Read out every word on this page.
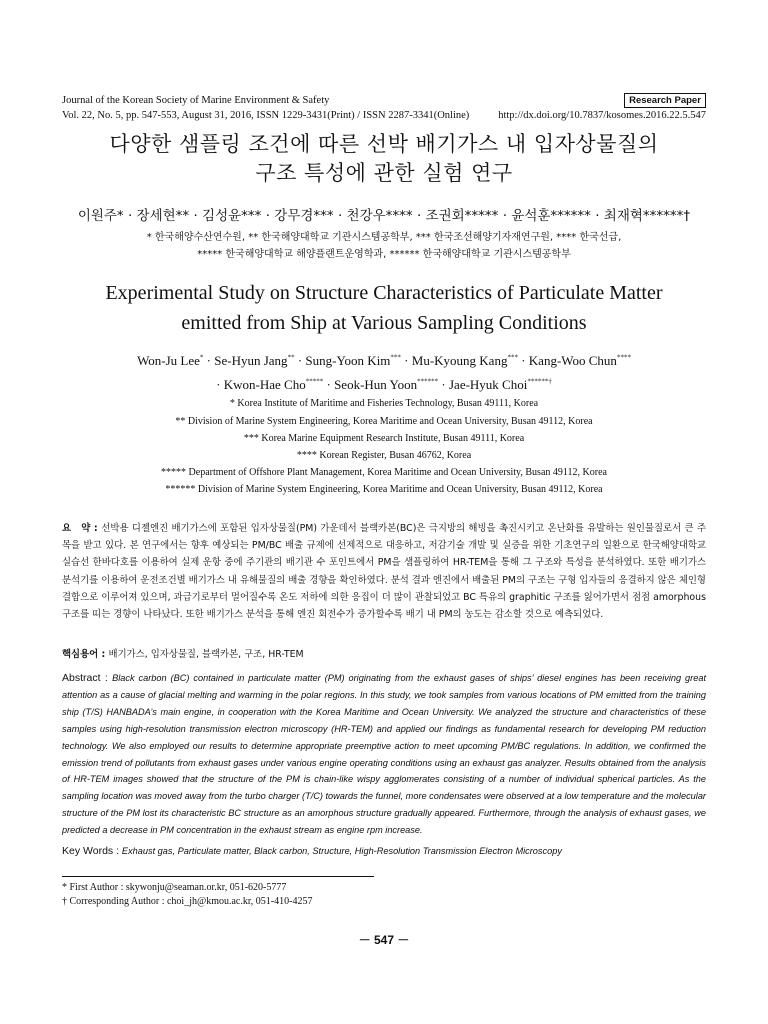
Journal of the Korean Society of Marine Environment & Safety	Research Paper
Vol. 22, No. 5, pp. 547-553, August 31, 2016, ISSN 1229-3431(Print) / ISSN 2287-3341(Online)	http://dx.doi.org/10.7837/kosomes.2016.22.5.547
다양한 샘플링 조건에 따른 선박 배기가스 내 입자상물질의
구조 특성에 관한 실험 연구
이원주* · 장세현** · 김성윤*** · 강무경*** · 천강우**** · 조권회***** · 윤석훈****** · 최재혁******†
* 한국해양수산연수원, ** 한국해양대학교 기관시스템공학부, *** 한국조선해양기자재연구원, **** 한국선급,
***** 한국해양대학교 해양플랜트운영학과, ****** 한국해양대학교 기관시스템공학부
Experimental Study on Structure Characteristics of Particulate Matter
emitted from Ship at Various Sampling Conditions
Won-Ju Lee* · Se-Hyun Jang** · Sung-Yoon Kim*** · Mu-Kyoung Kang*** · Kang-Woo Chun****
· Kwon-Hae Cho***** · Seok-Hun Yoon****** · Jae-Hyuk Choi******†
* Korea Institute of Maritime and Fisheries Technology, Busan 49111, Korea
** Division of Marine System Engineering, Korea Maritime and Ocean University, Busan 49112, Korea
*** Korea Marine Equipment Research Institute, Busan 49111, Korea
**** Korean Register, Busan 46762, Korea
***** Department of Offshore Plant Management, Korea Maritime and Ocean University, Busan 49112, Korea
****** Division of Marine System Engineering, Korea Maritime and Ocean University, Busan 49112, Korea
요　약 : 선박용 디젤엔진 배기가스에 포함된 입자상물질(PM) 가운데서 블랙카본(BC)은 극지방의 해빙을 촉진시키고 온난화를 유발하는 원인물질로서 큰 주목을 받고 있다. 본 연구에서는 향후 예상되는 PM/BC 배출 규제에 선제적으로 대응하고, 저감기술 개발 및 실증을 위한 기초연구의 일환으로 한국해양대학교 실습선 한바다호를 이용하여 실제 운항 중에 주기관의 배기관 수 포인트에서 PM을 샘플링하여 HR-TEM을 통해 그 구조와 특성을 분석하였다. 또한 배기가스 분석기를 이용하여 운전조건별 배기가스 내 유해물질의 배출 경향을 확인하였다. 분석 결과 엔진에서 배출된 PM의 구조는 구형 입자들의 응결하지 않은 체인형 결합으로 이루어져 있으며, 과급기로부터 멀어질수록 온도 저하에 의한 응집이 더 많이 관찰되었고 BC 특유의 graphitic 구조를 잃어가면서 점점 amorphous 구조를 띠는 경향이 나타났다. 또한 배기가스 분석을 통해 엔진 회전수가 증가할수록 배기 내 PM의 농도는 감소할 것으로 예측되었다.
핵심용어 : 배기가스, 입자상물질, 블랙카본, 구조, HR-TEM
Abstract : Black carbon (BC) contained in particulate matter (PM) originating from the exhaust gases of ships’ diesel engines has been receiving great attention as a cause of glacial melting and warming in the polar regions. In this study, we took samples from various locations of PM emitted from the training ship (T/S) HANBADA’s main engine, in cooperation with the Korea Maritime and Ocean University. We analyzed the structure and characteristics of these samples using high-resolution transmission electron microscopy (HR-TEM) and applied our findings as fundamental research for developing PM reduction technology. We also employed our results to determine appropriate preemptive action to meet upcoming PM/BC regulations. In addition, we confirmed the emission trend of pollutants from exhaust gases under various engine operating conditions using an exhaust gas analyzer. Results obtained from the analysis of HR-TEM images showed that the structure of the PM is chain-like wispy agglomerates consisting of a number of individual spherical particles. As the sampling location was moved away from the turbo charger (T/C) towards the funnel, more condensates were observed at a low temperature and the molecular structure of the PM lost its characteristic BC structure as an amorphous structure gradually appeared. Furthermore, through the analysis of exhaust gases, we predicted a decrease in PM concentration in the exhaust stream as engine rpm increase.
Key Words : Exhaust gas, Particulate matter, Black carbon, Structure, High-Resolution Transmission Electron Microscopy
* First Author : skywonju@seaman.or.kr, 051-620-5777
† Corresponding Author : choi_jh@kmou.ac.kr, 051-410-4257
－ 547 －
